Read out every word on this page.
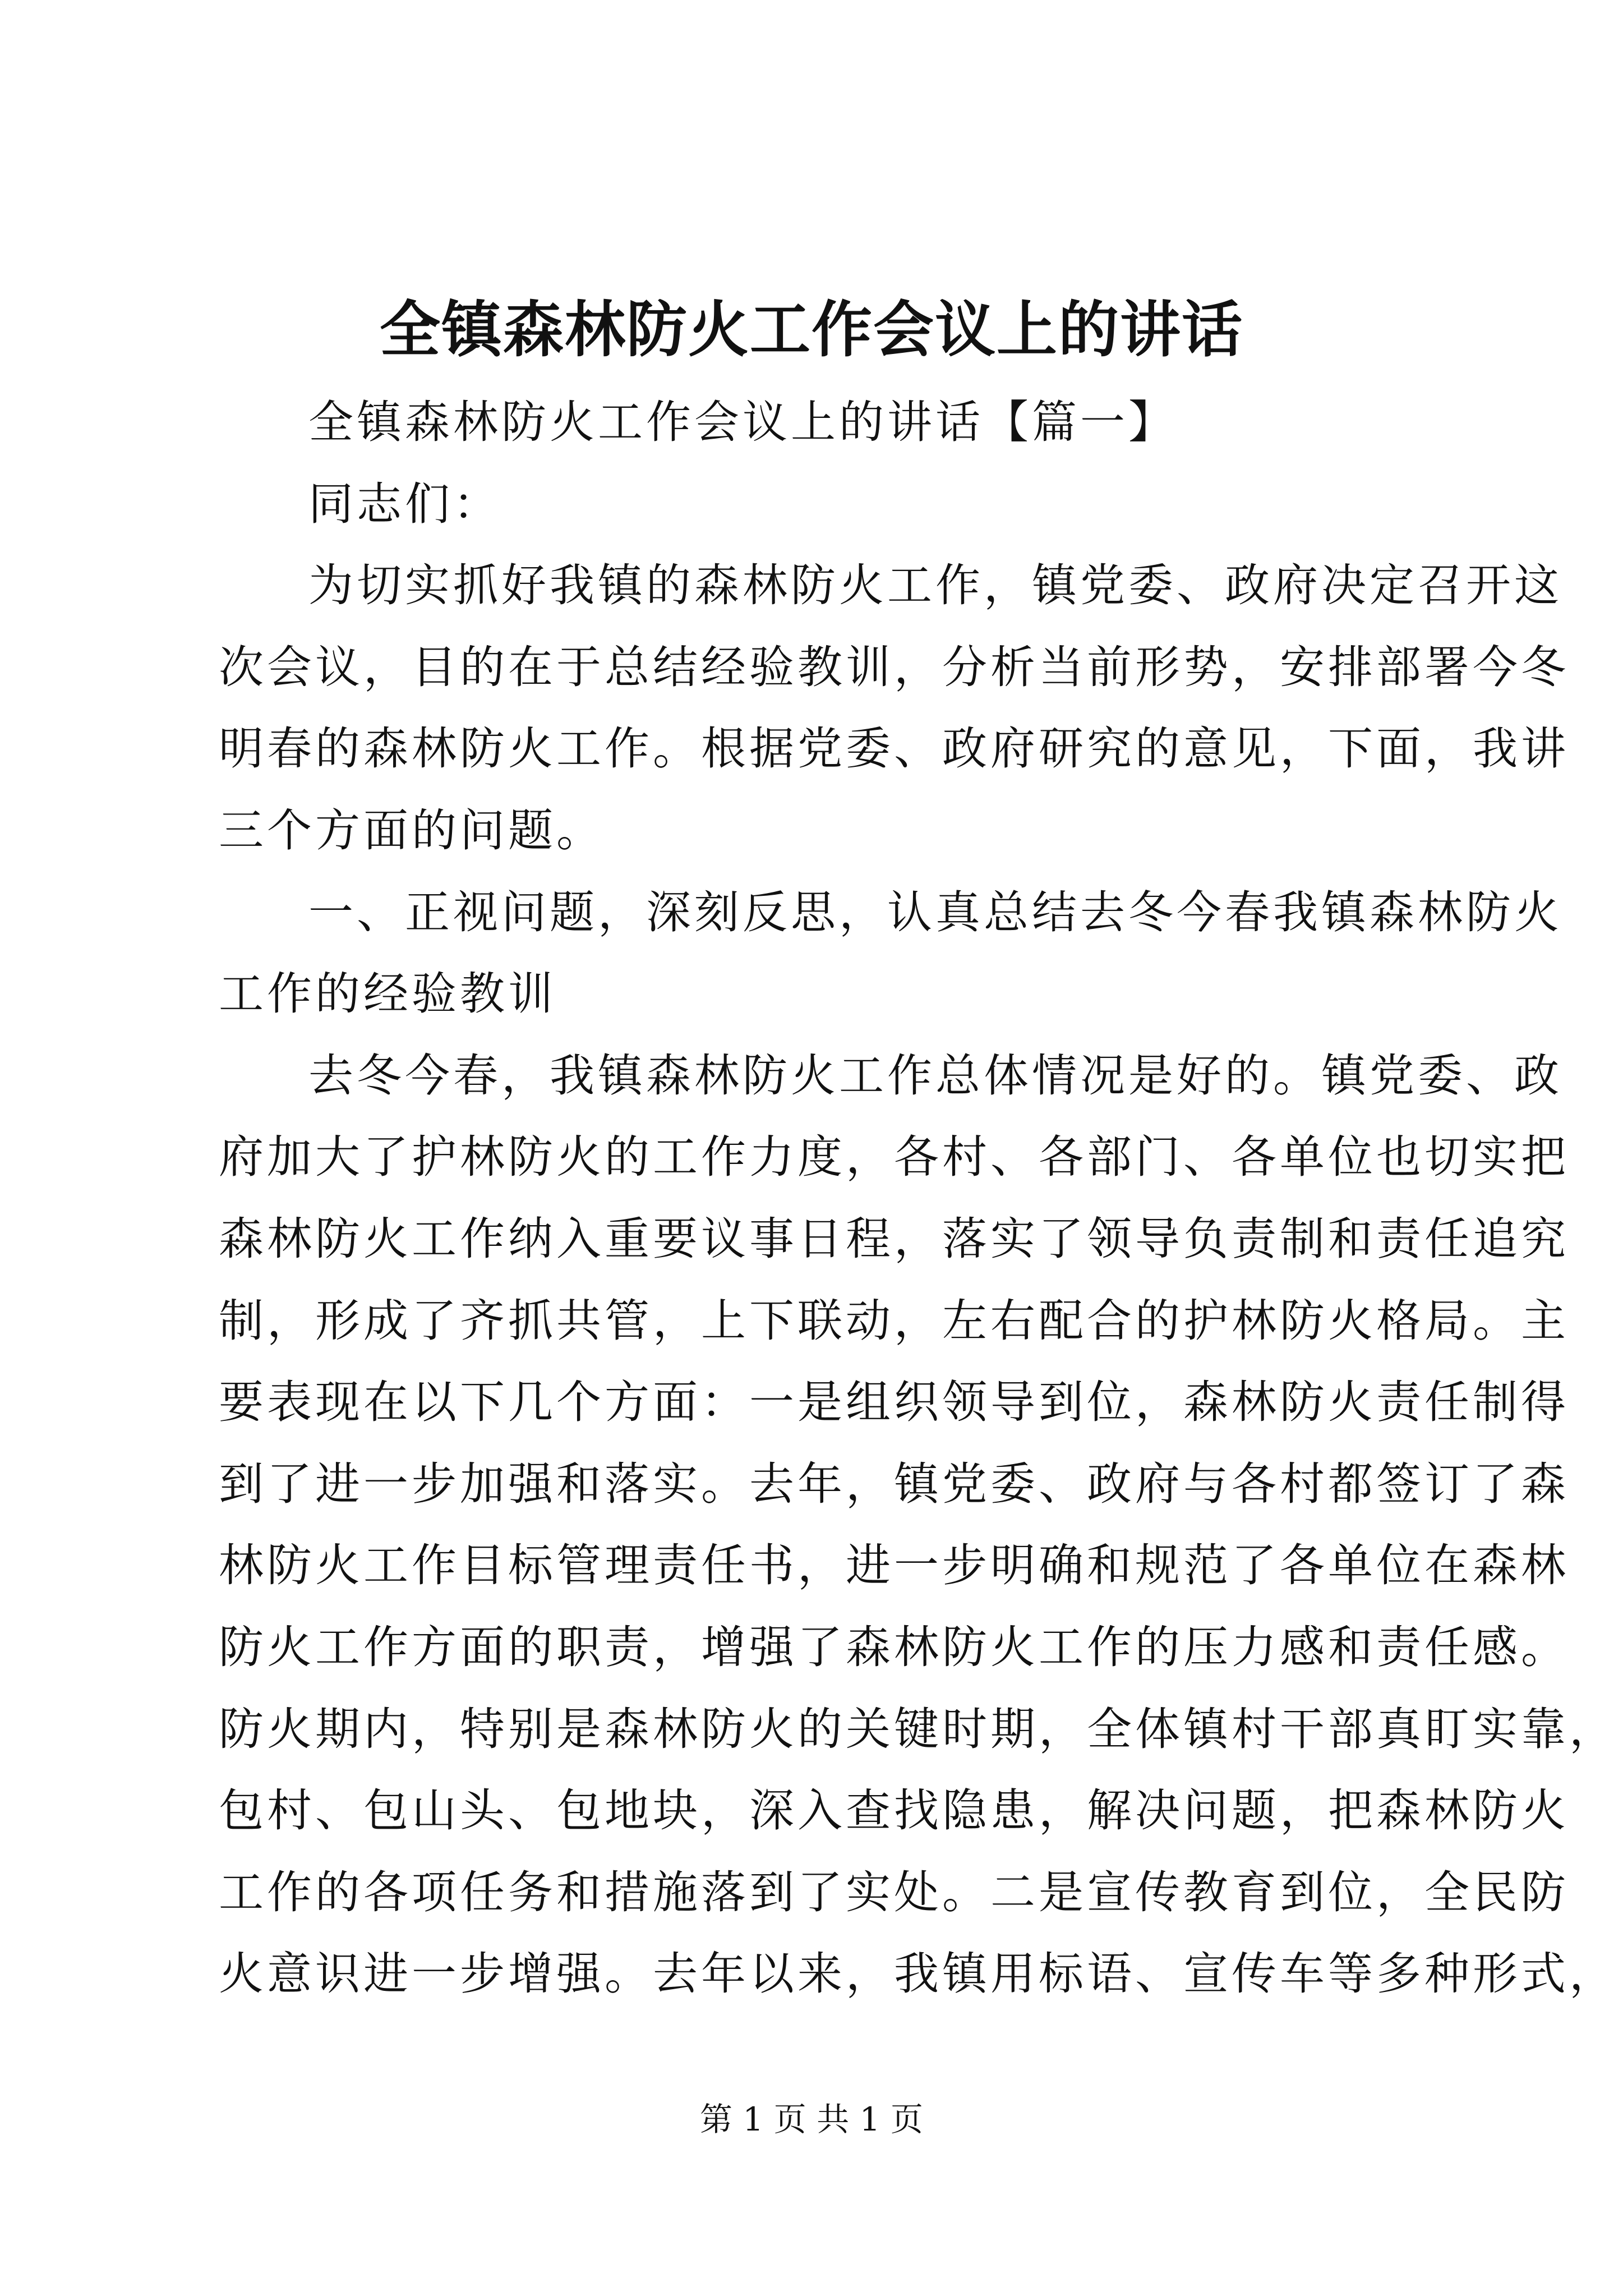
全镇森林防火工作会议上的讲话
全镇森林防火工作会议上的讲话【篇一】
同志们：
为切实抓好我镇的森林防火工作，镇党委、政府决定召开这
次会议，目的在于总结经验教训，分析当前形势，安排部署今冬
明春的森林防火工作。根据党委、政府研究的意见，下面，我讲
三个方面的问题。
一、正视问题，深刻反思，认真总结去冬今春我镇森林防火
工作的经验教训
去冬今春，我镇森林防火工作总体情况是好的。镇党委、政
府加大了护林防火的工作力度，各村、各部门、各单位也切实把
森林防火工作纳入重要议事日程，落实了领导负责制和责任追究
制，形成了齐抓共管，上下联动，左右配合的护林防火格局。主
要表现在以下几个方面：一是组织领导到位，森林防火责任制得
到了进一步加强和落实。去年，镇党委、政府与各村都签订了森
林防火工作目标管理责任书，进一步明确和规范了各单位在森林
防火工作方面的职责，增强了森林防火工作的压力感和责任感。
防火期内，特别是森林防火的关键时期，全体镇村干部真盯实靠，
包村、包山头、包地块，深入查找隐患，解决问题，把森林防火
工作的各项任务和措施落到了实处。二是宣传教育到位，全民防
火意识进一步增强。去年以来，我镇用标语、宣传车等多种形式，
第 1 页 共 1 页
